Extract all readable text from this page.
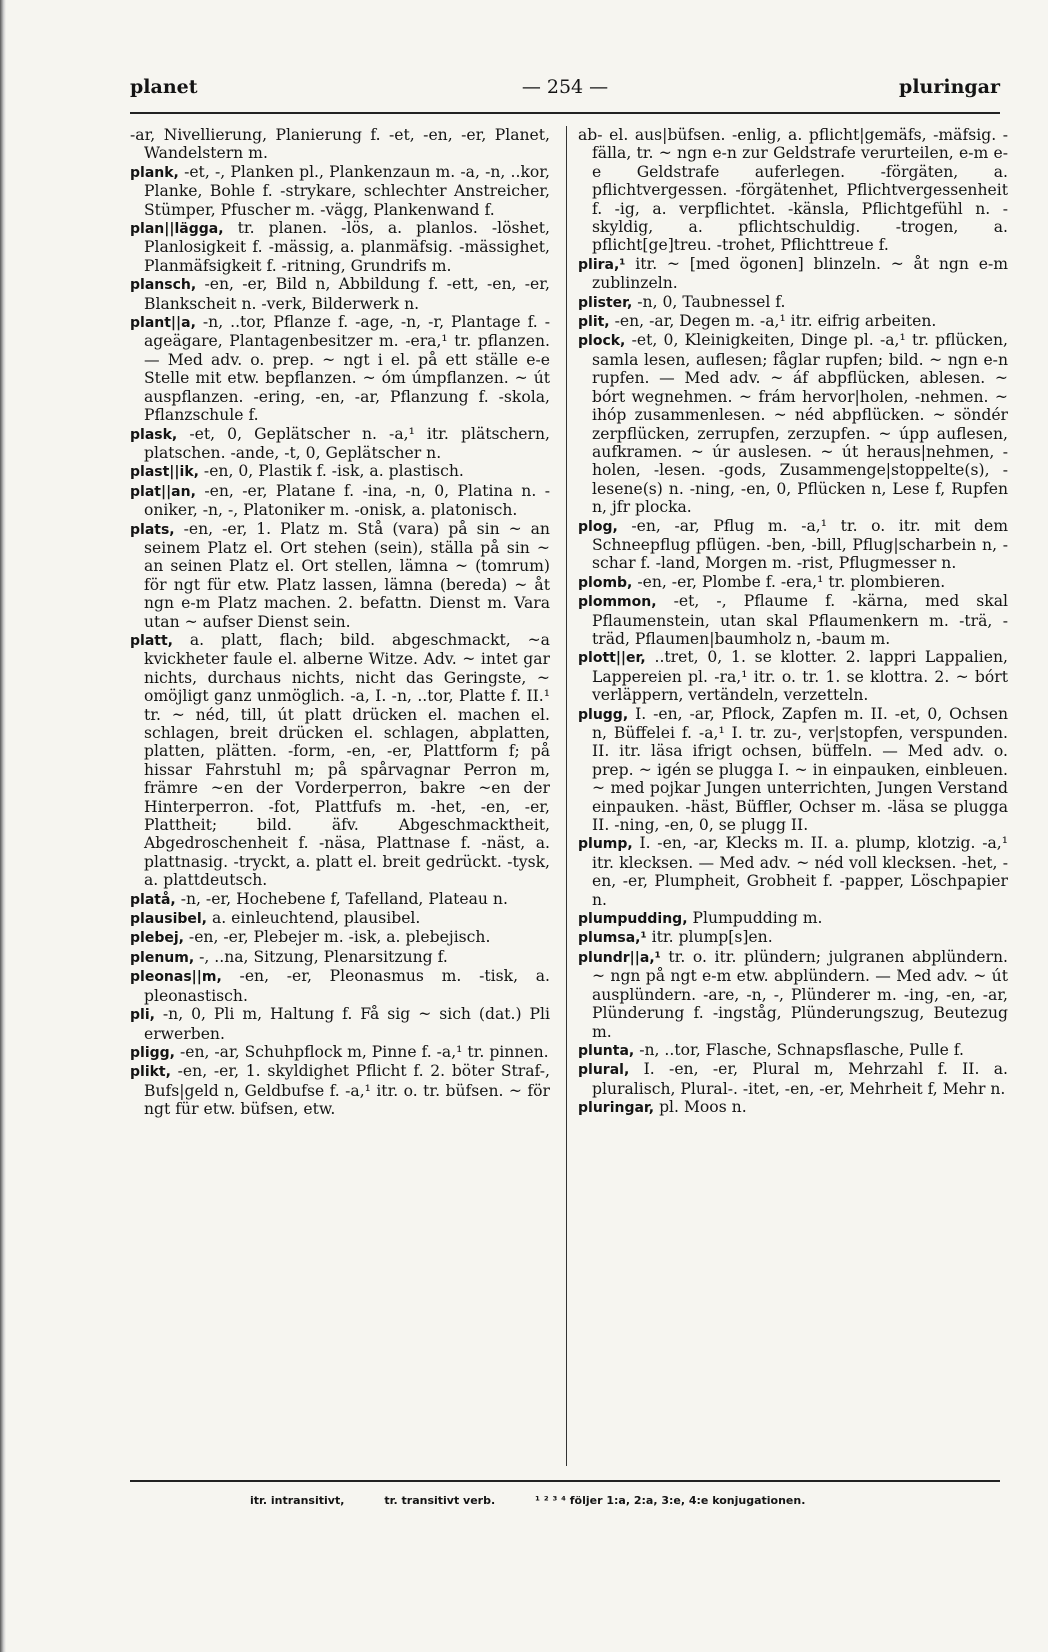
planet	— 254 —	pluringar
-ar, Nivellierung, Planierung f. -et, -en, -er, Planet, Wandelstern m.
plank, -et, -, Planken pl., Plankenzaun m. -a, -n, ..kor, Planke, Bohle f. -strykare, schlechter Anstreicher, Stümper, Pfuscher m. -vägg, Plankenwand f.
plan||lägga, tr. planen. -lös, a. planlos. -löshet, Planlosigkeit f. -mässig, a. planmäfsig. -mässighet, Planmäfsigkeit f. -ritning, Grundrifs m.
plansch, -en, -er, Bild n, Abbildung f. -ett, -en, -er, Blankscheit n. -verk, Bilderwerk n.
plant||a, -n, ..tor, Pflanze f. -age, -n, -r, Plantage f. -ageägare, Plantagenbesitzer m. -era,¹ tr. pflanzen. — Med adv. o. prep. ~ ngt i el. på ett ställe e-e Stelle mit etw. bepflanzen. ~ óm úmpflanzen. ~ út auspflanzen. -ering, -en, -ar, Pflanzung f. -skola, Pflanzschule f.
plask, -et, 0, Geplätscher n. -a,¹ itr. plätschern, platschen. -ande, -t, 0, Geplätscher n.
plast||ik, -en, 0, Plastik f. -isk, a. plastisch.
plat||an, -en, -er, Platane f. -ina, -n, 0, Platina n. -oniker, -n, -, Platoniker m. -onisk, a. platonisch.
plats, -en, -er, 1. Platz m. Stå (vara) på sin ~ an seinem Platz el. Ort stehen (sein), ställa på sin ~ an seinen Platz el. Ort stellen, lämna ~ (tomrum) för ngt für etw. Platz lassen, lämna (bereda) ~ åt ngn e-m Platz machen. 2. befattn. Dienst m. Vara utan ~ aufser Dienst sein.
platt, a. platt, flach; bild. abgeschmackt, ~a kvickheter faule el. alberne Witze. Adv. ~ intet gar nichts, durchaus nichts, nicht das Geringste, ~ omöjligt ganz unmöglich. -a, I. -n, ..tor, Platte f. II.¹ tr. ~ néd, till, út platt drücken el. machen el. schlagen, breit drücken el. schlagen, abplatten, platten, plätten. -form, -en, -er, Plattform f; på hissar Fahrstuhl m; på spårvagnar Perron m, främre ~en der Vorderperron, bakre ~en der Hinterperron. -fot, Plattfufs m. -het, -en, -er, Plattheit; bild. äfv. Abgeschmacktheit, Abgedroschenheit f. -näsa, Plattnase f. -näst, a. plattnasig. -tryckt, a. platt el. breit gedrückt. -tysk, a. plattdeutsch.
platå, -n, -er, Hochebene f, Tafelland, Plateau n.
plausibel, a. einleuchtend, plausibel.
plebej, -en, -er, Plebejer m. -isk, a. plebejisch.
plenum, -, ..na, Sitzung, Plenarsitzung f.
pleonas||m, -en, -er, Pleonasmus m. -tisk, a. pleonastisch.
pli, -n, 0, Pli m, Haltung f. Få sig ~ sich (dat.) Pli erwerben.
pligg, -en, -ar, Schuhpflock m, Pinne f. -a,¹ tr. pinnen.
plikt, -en, -er, 1. skyldighet Pflicht f. 2. böter Straf-, Bufs|geld n, Geldbufse f. -a,¹ itr. o. tr. büfsen. ~ för ngt für etw. büfsen, etw.
ab- el. aus|büfsen. -enlig, a. pflicht|gemäfs, -mäfsig. -fälla, tr. ~ ngn e-n zur Geldstrafe verurteilen, e-m e-e Geldstrafe auferlegen. -förgäten, a. pflichtvergessen. -förgätenhet, Pflichtvergessenheit f. -ig, a. verpflichtet. -känsla, Pflichtgefühl n. -skyldig, a. pflichtschuldig. -trogen, a. pflicht[ge]treu. -trohet, Pflichttreue f.
plira,¹ itr. ~ [med ögonen] blinzeln. ~ åt ngn e-m zublinzeln.
plister, -n, 0, Taubnessel f.
plit, -en, -ar, Degen m. -a,¹ itr. eifrig arbeiten.
plock, -et, 0, Kleinigkeiten, Dinge pl. -a,¹ tr. pflücken, samla lesen, auflesen; fåglar rupfen; bild. ~ ngn e-n rupfen. — Med adv. ~ áf abpflücken, ablesen. ~ bórt wegnehmen. ~ frám hervor|holen, -nehmen. ~ ihóp zusammenlesen. ~ néd abpflücken. ~ söndér zerpflücken, zerrupfen, zerzupfen. ~ úpp auflesen, aufkramen. ~ úr auslesen. ~ út heraus|nehmen, -holen, -lesen. -gods, Zusammenge|stoppelte(s), -lesene(s) n. -ning, -en, 0, Pflücken n, Lese f, Rupfen n, jfr plocka.
plog, -en, -ar, Pflug m. -a,¹ tr. o. itr. mit dem Schneepflug pflügen. -ben, -bill, Pflug|scharbein n, -schar f. -land, Morgen m. -rist, Pflugmesser n.
plomb, -en, -er, Plombe f. -era,¹ tr. plombieren.
plommon, -et, -, Pflaume f. -kärna, med skal Pflaumenstein, utan skal Pflaumenkern m. -trä, -träd, Pflaumen|baumholz n, -baum m.
plott||er, ..tret, 0, 1. se klotter. 2. lappri Lappalien, Lappereien pl. -ra,¹ itr. o. tr. 1. se klottra. 2. ~ bórt verläppern, vertändeln, verzetteln.
plugg, I. -en, -ar, Pflock, Zapfen m. II. -et, 0, Ochsen n, Büffelei f. -a,¹ I. tr. zu-, ver|stopfen, verspunden. II. itr. läsa ifrigt ochsen, büffeln. — Med adv. o. prep. ~ igén se plugga I. ~ in einpauken, einbleuen. ~ med pojkar Jungen unterrichten, Jungen Verstand einpauken. -häst, Büffler, Ochser m. -läsa se plugga II. -ning, -en, 0, se plugg II.
plump, I. -en, -ar, Klecks m. II. a. plump, klotzig. -a,¹ itr. klecksen. — Med adv. ~ néd voll klecksen. -het, -en, -er, Plumpheit, Grobheit f. -papper, Löschpapier n.
plumpudding, Plumpudding m.
plumsa,¹ itr. plump[s]en.
plundr||a,¹ tr. o. itr. plündern; julgranen abplündern. ~ ngn på ngt e-m etw. abplündern. — Med adv. ~ út ausplündern. -are, -n, -, Plünderer m. -ing, -en, -ar, Plünderung f. -ingståg, Plünderungszug, Beutezug m.
plunta, -n, ..tor, Flasche, Schnapsflasche, Pulle f.
plural, I. -en, -er, Plural m, Mehrzahl f. II. a. pluralisch, Plural-. -itet, -en, -er, Mehrheit f, Mehr n.
pluringar, pl. Moos n.
itr. intransitivt,	tr. transitivt verb.	¹ ² ³ ⁴ följer 1:a, 2:a, 3:e, 4:e konjugationen.
